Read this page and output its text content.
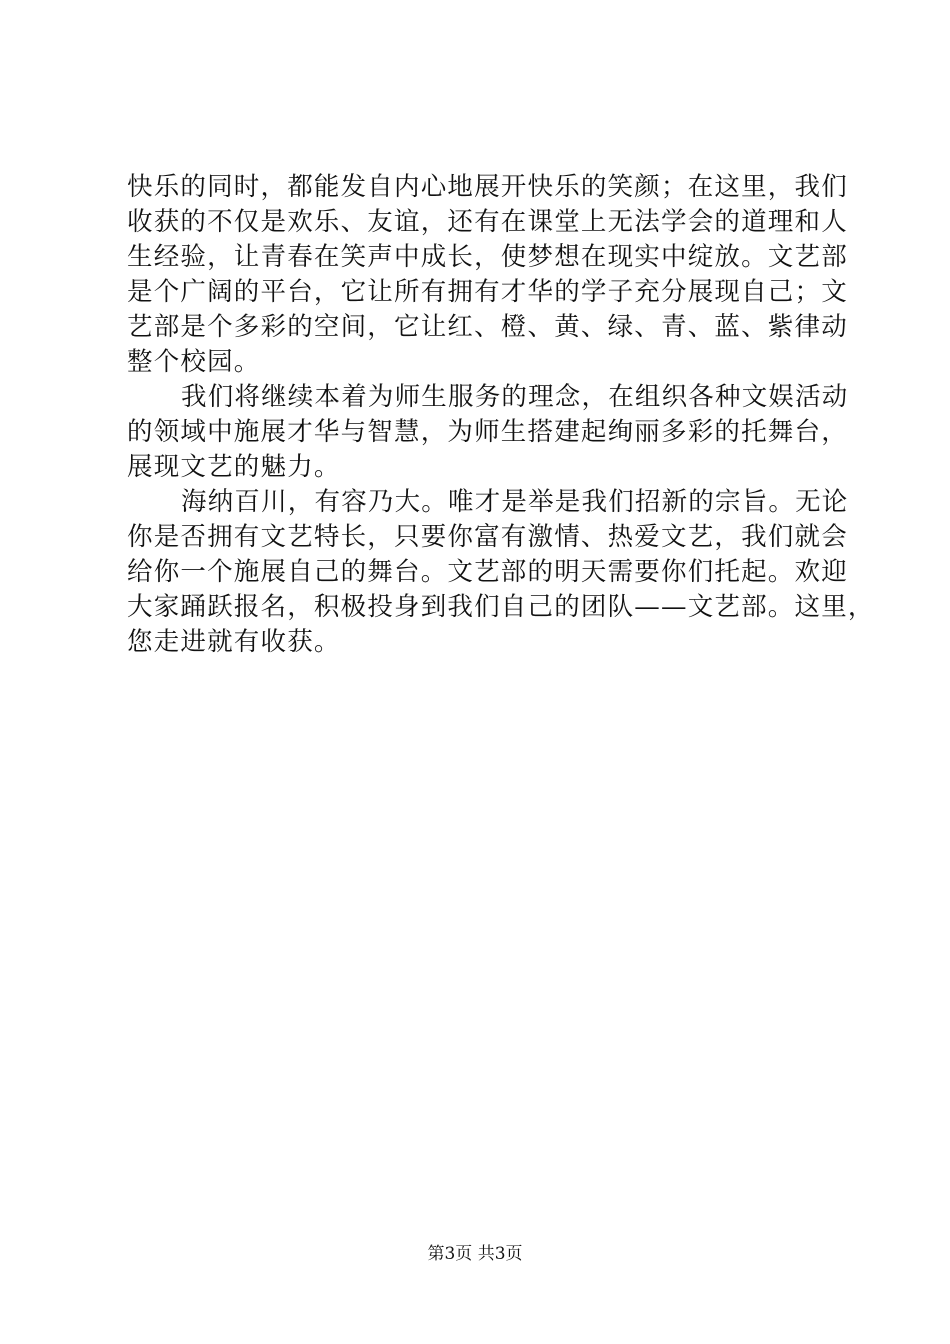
快乐的同时，都能发自内心地展开快乐的笑颜；在这里，我们
收获的不仅是欢乐、友谊，还有在课堂上无法学会的道理和人
生经验，让青春在笑声中成长，使梦想在现实中绽放。文艺部
是个广阔的平台，它让所有拥有才华的学子充分展现自己；文
艺部是个多彩的空间，它让红、橙、黄、绿、青、蓝、紫律动
整个校园。
我们将继续本着为师生服务的理念，在组织各种文娱活动
的领域中施展才华与智慧，为师生搭建起绚丽多彩的托舞台，
展现文艺的魅力。
海纳百川，有容乃大。唯才是举是我们招新的宗旨。无论
你是否拥有文艺特长，只要你富有激情、热爱文艺，我们就会
给你一个施展自己的舞台。文艺部的明天需要你们托起。欢迎
大家踊跃报名，积极投身到我们自己的团队——文艺部。这里，
您走进就有收获。
第3页 共3页
